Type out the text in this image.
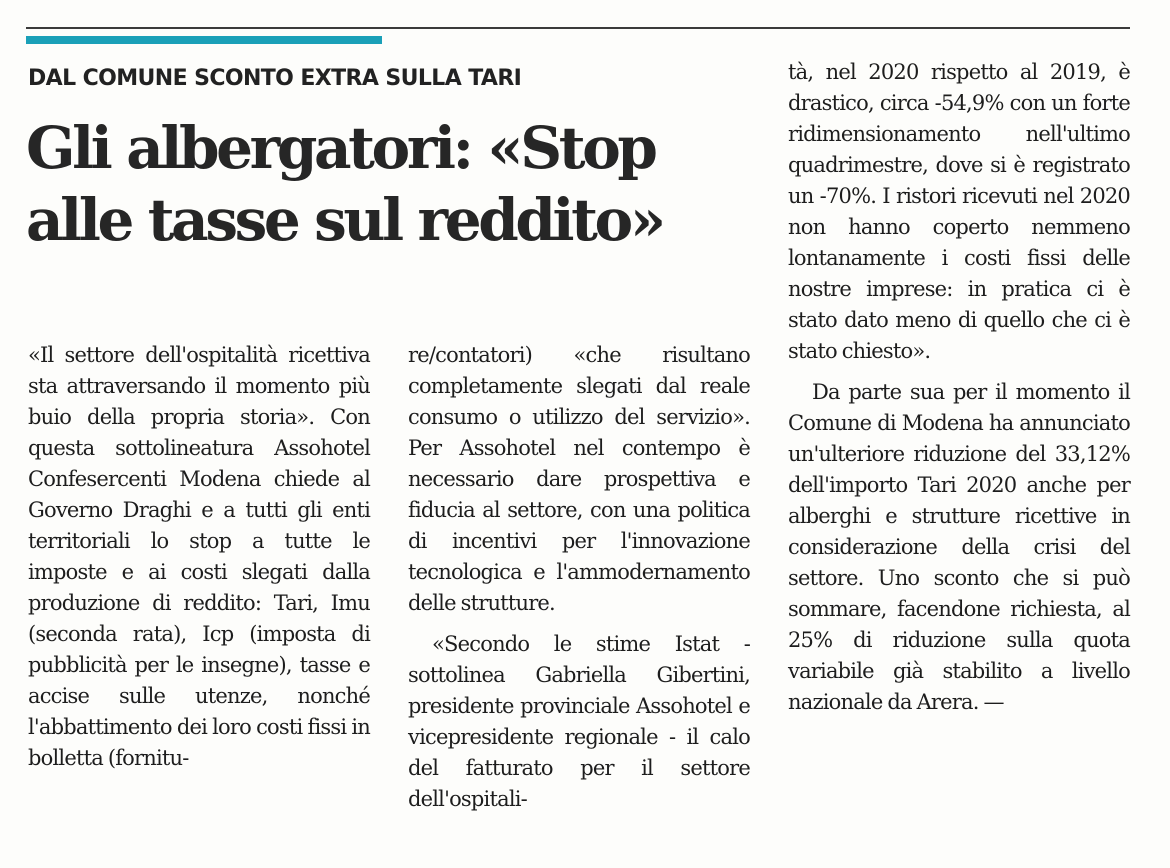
DAL COMUNE SCONTO EXTRA SULLA TARI
Gli albergatori: «Stop alle tasse sul reddito»

«Il settore dell'ospitalità ricettiva sta attraversando il momento più buio della propria storia». Con questa sottolineatura Assohotel Confesercenti Modena chiede al Governo Draghi e a tutti gli enti territoriali lo stop a tutte le imposte e ai costi slegati dalla produzione di reddito: Tari, Imu (seconda rata), Icp (imposta di pubblicità per le insegne), tasse e accise sulle utenze, nonché l'abbattimento dei loro costi fissi in bolletta (fornitu-

re/contatori) «che risultano completamente slegati dal reale consumo o utilizzo del servizio». Per Assohotel nel contempo è necessario dare prospettiva e fiducia al settore, con una politica di incentivi per l'innovazione tecnologica e l'ammodernamento delle strutture.

«Secondo le stime Istat - sottolinea Gabriella Gibertini, presidente provinciale Assohotel e vicepresidente regionale - il calo del fatturato per il settore dell'ospitali-

tà, nel 2020 rispetto al 2019, è drastico, circa -54,9% con un forte ridimensionamento nell'ultimo quadrimestre, dove si è registrato un -70%. I ristori ricevuti nel 2020 non hanno coperto nemmeno lontanamente i costi fissi delle nostre imprese: in pratica ci è stato dato meno di quello che ci è stato chiesto».

Da parte sua per il momento il Comune di Modena ha annunciato un'ulteriore riduzione del 33,12% dell'importo Tari 2020 anche per alberghi e strutture ricettive in considerazione della crisi del settore. Uno sconto che si può sommare, facendone richiesta, al 25% di riduzione sulla quota variabile già stabilito a livello nazionale da Arera. —
